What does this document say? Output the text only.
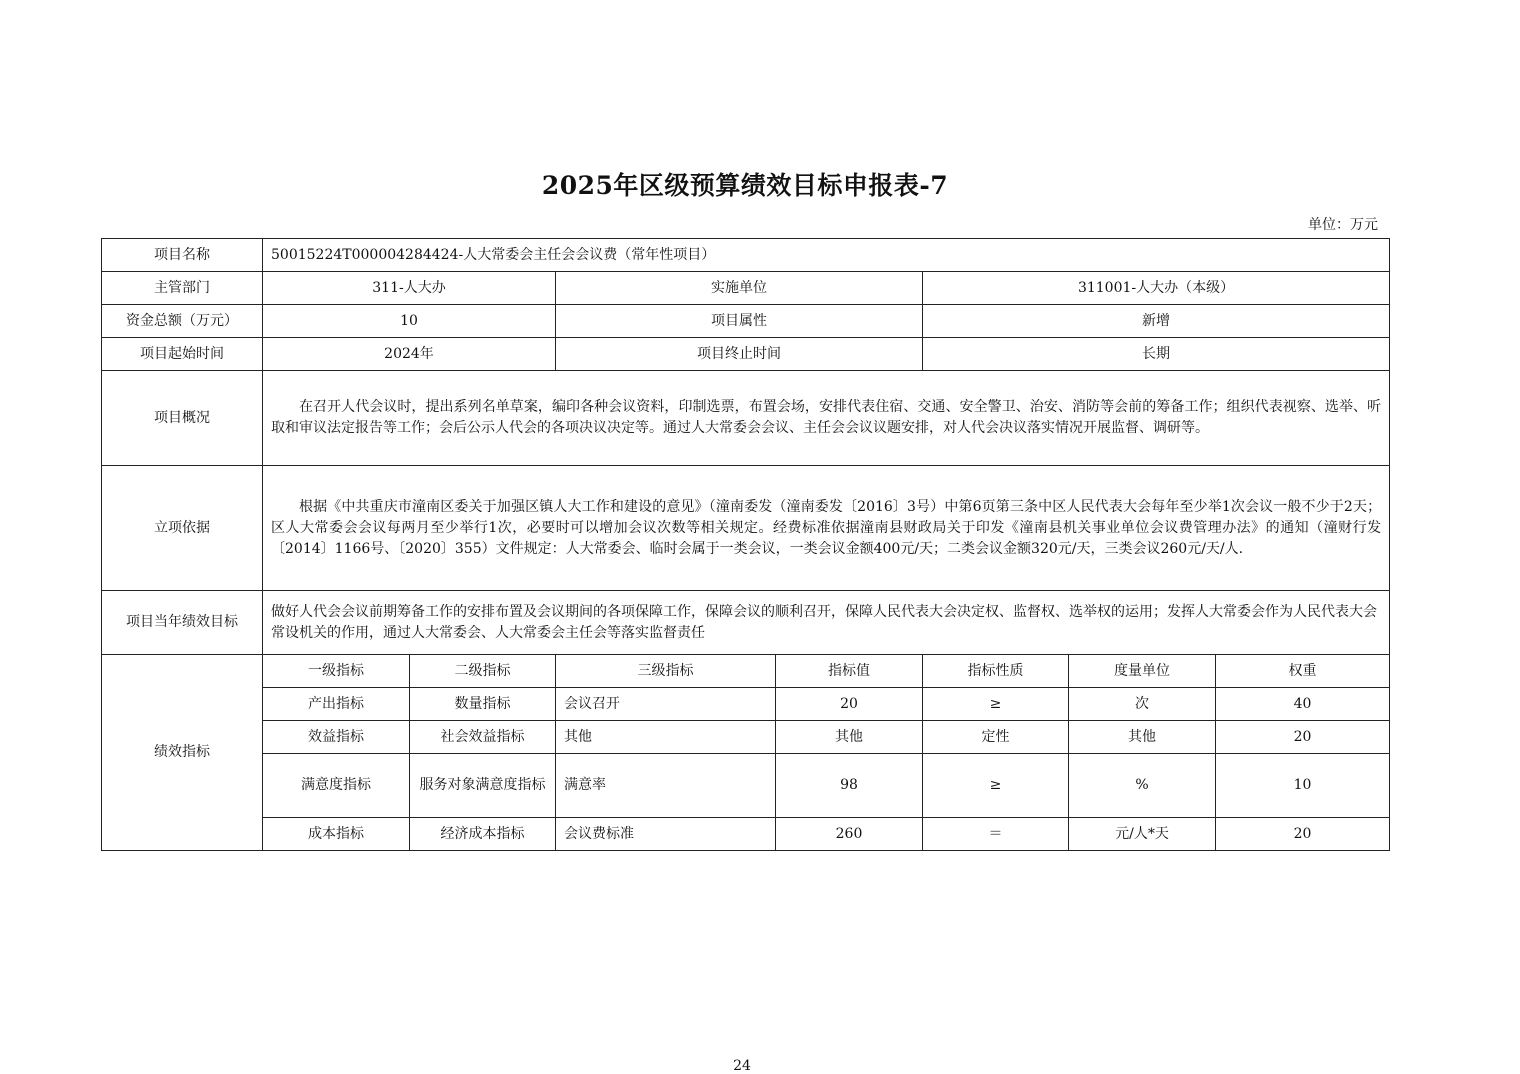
2025年区级预算绩效目标申报表-7
单位：万元
项目名称	50015224T000004284424-人大常委会主任会会议费（常年性项目）						
主管部门	311-人大办		实施单位		311001-人大办（本级）		
资金总额（万元）	10		项目属性		新增		
项目起始时间	2024年		项目终止时间		长期		
项目概况	在召开人代会议时，提出系列名单草案，编印各种会议资料，印制选票，布置会场，安排代表住宿、交通、安全警卫、治安、消防等会前的筹备工作；组织代表视察、选举、听取和审议法定报告等工作；会后公示人代会的各项决议决定等。通过人大常委会会议、主任会会议议题安排，对人代会决议落实情况开展监督、调研等。						
立项依据	根据《中共重庆市潼南区委关于加强区镇人大工作和建设的意见》（潼南委发（潼南委发〔2016〕3号）中第6页第三条中区人民代表大会每年至少举1次会议一般不少于2天；区人大常委会会议每两月至少举行1次，必要时可以增加会议次数等相关规定。经费标准依据潼南县财政局关于印发《潼南县机关事业单位会议费管理办法》的通知（潼财行发〔2014〕1166号、〔2020〕355）文件规定：人大常委会、临时会属于一类会议，一类会议金额400元/天；二类会议金额320元/天，三类会议260元/天/人.						
项目当年绩效目标	做好人代会会议前期筹备工作的安排布置及会议期间的各项保障工作，保障会议的顺利召开，保障人民代表大会决定权、监督权、选举权的运用；发挥人大常委会作为人民代表大会常设机关的作用，通过人大常委会、人大常委会主任会等落实监督责任						
绩效指标	一级指标	二级指标	三级指标	指标值	指标性质	度量单位	权重
	产出指标	数量指标	会议召开	20	≥	次	40
	效益指标	社会效益指标	其他	其他	定性	其他	20
	满意度指标	服务对象满意度指标	满意率	98	≥	%	10
	成本指标	经济成本指标	会议费标准	260	＝	元/人*天	20
24
